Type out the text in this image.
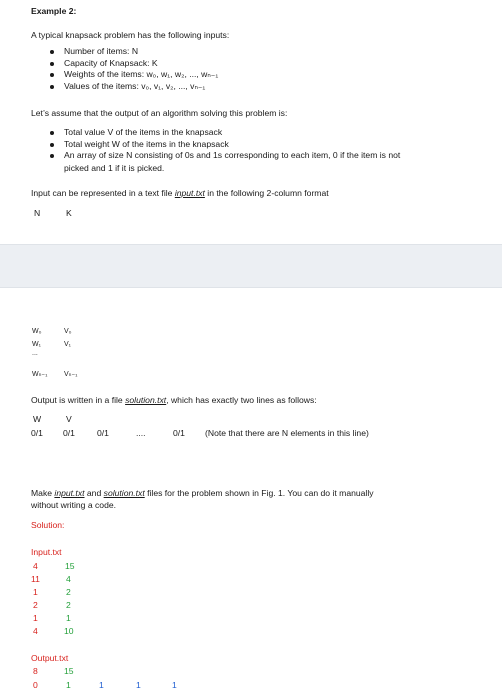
Example 2:
A typical knapsack problem has the following inputs:
Number of items: N
Capacity of Knapsack: K
Weights of the items: w₀, w₁, w₂, ..., wₙ₋₁
Values of the items: v₀, v₁, v₂, ..., vₙ₋₁
Let’s assume that the output of an algorithm solving this problem is:
Total value V of the items in the knapsack
Total weight W of the items in the knapsack
An array of size N consisting of 0s and 1s corresponding to each item, 0 if the item is not
picked and 1 if it is picked.
Input can be represented in a text file input.txt in the following 2-column format
N	K
W₀	V₀
W₁	V₁
...
Wₙ₋₁ Vₙ₋₁
Output is written in a file solution.txt, which has exactly two lines as follows:
W	V
0/1 0/1	0/1	....	0/1 (Note that there are N elements in this line)
Make input.txt and solution.txt files for the problem shown in Fig. 1. You can do it manually
without writing a code.
Solution:
Input.txt
4	15
11	4
1	2
2	2
1	1
4	10
Output.txt
8	15
0	1	1	1	1
